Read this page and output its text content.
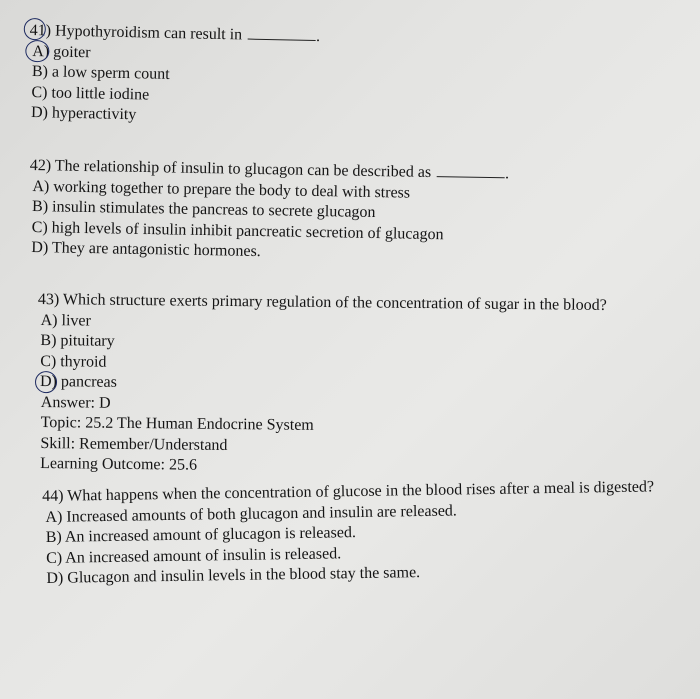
41) Hypothyroidism can result in	.
A) goiter
B) a low sperm count
C) too little iodine
D) hyperactivity
42) The relationship of insulin to glucagon can be described as	.
A) working together to prepare the body to deal with stress
B) insulin stimulates the pancreas to secrete glucagon
C) high levels of insulin inhibit pancreatic secretion of glucagon
D) They are antagonistic hormones.
43) Which structure exerts primary regulation of the concentration of sugar in the blood?
A) liver
B) pituitary
C) thyroid
D) pancreas
Answer: D
Topic: 25.2 The Human Endocrine System
Skill: Remember/Understand
Learning Outcome: 25.6
44) What happens when the concentration of glucose in the blood rises after a meal is digested?
A) Increased amounts of both glucagon and insulin are released.
B) An increased amount of glucagon is released.
C) An increased amount of insulin is released.
D) Glucagon and insulin levels in the blood stay the same.
